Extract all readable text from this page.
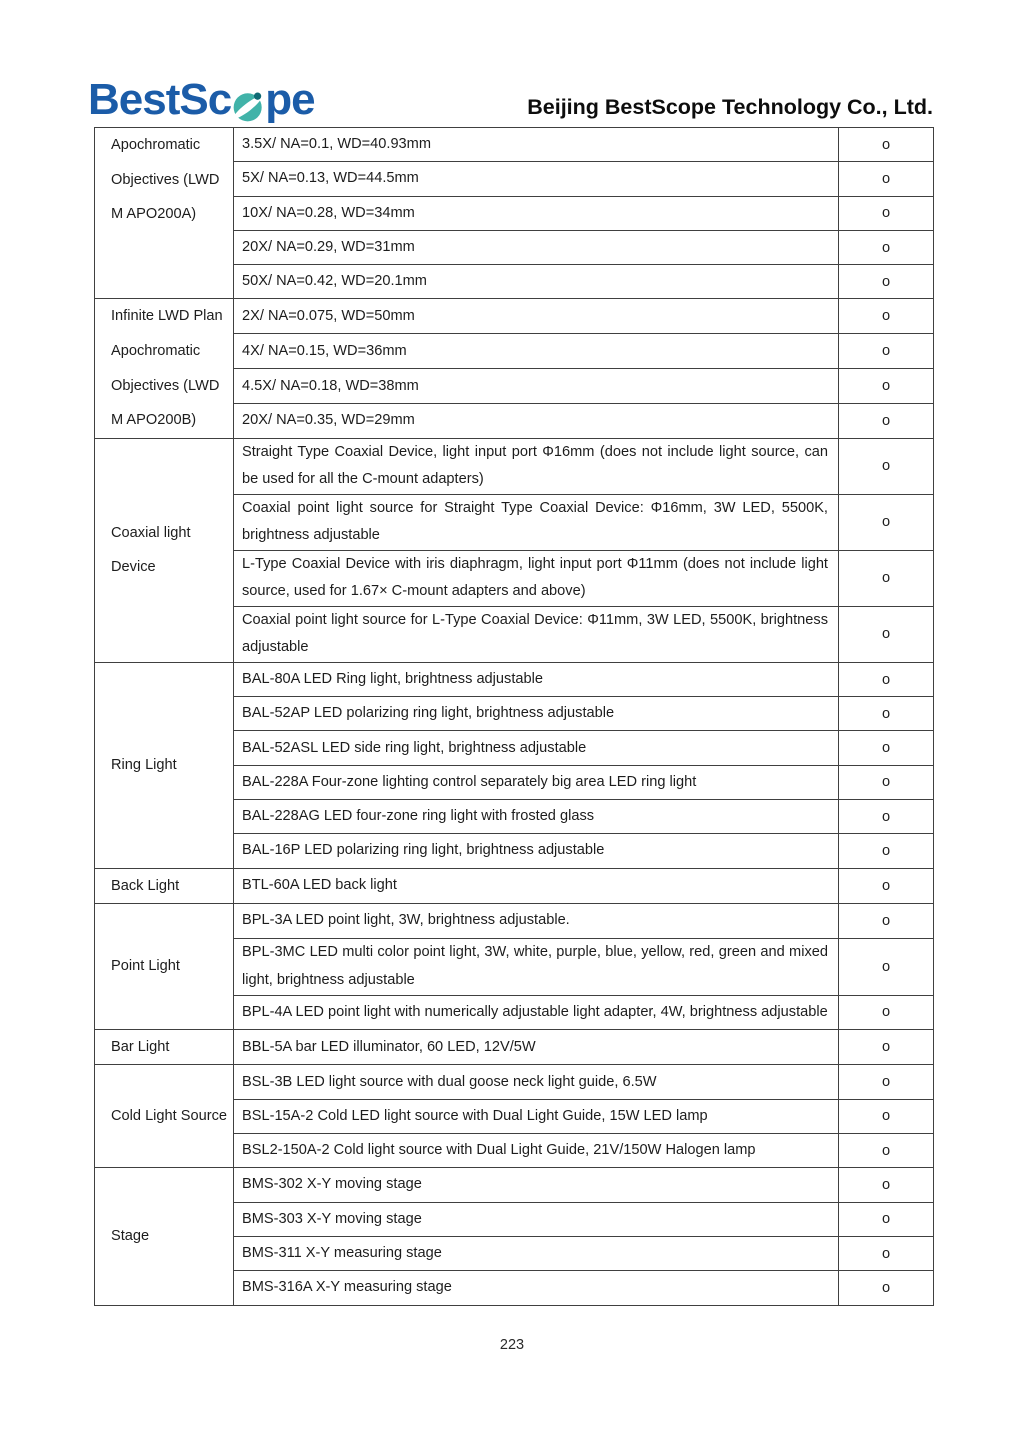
BestSc pe	Beijing BestScope Technology Co., Ltd.
Apochromatic
Objectives (LWD
M APO200A)	3.5X/ NA=0.1, WD=40.93mm	o
	5X/ NA=0.13, WD=44.5mm	o
	10X/ NA=0.28, WD=34mm	o
	20X/ NA=0.29, WD=31mm	o
	50X/ NA=0.42, WD=20.1mm	o

Infinite LWD Plan
Apochromatic
Objectives (LWD
M APO200B)	2X/ NA=0.075, WD=50mm	o
	4X/ NA=0.15, WD=36mm	o
	4.5X/ NA=0.18, WD=38mm	o
	20X/ NA=0.35, WD=29mm	o

Coaxial light
Device	Straight Type Coaxial Device, light input port Φ16mm (does not include light source, can be used for all the C-mount adapters)	o
	Coaxial point light source for Straight Type Coaxial Device: Φ16mm, 3W LED, 5500K, brightness adjustable	o
	L-Type Coaxial Device with iris diaphragm, light input port Φ11mm (does not include light source, used for 1.67× C-mount adapters and above)	o
	Coaxial point light source for L-Type Coaxial Device: Φ11mm, 3W LED, 5500K, brightness adjustable	o

Ring Light	BAL-80A LED Ring light, brightness adjustable	o
	BAL-52AP LED polarizing ring light, brightness adjustable	o
	BAL-52ASL LED side ring light, brightness adjustable	o
	BAL-228A Four-zone lighting control separately big area LED ring light	o
	BAL-228AG LED four-zone ring light with frosted glass	o
	BAL-16P LED polarizing ring light, brightness adjustable	o

Back Light	BTL-60A LED back light	o

Point Light	BPL-3A LED point light, 3W, brightness adjustable.	o
	BPL-3MC LED multi color point light, 3W, white, purple, blue, yellow, red, green and mixed light, brightness adjustable	o
	BPL-4A LED point light with numerically adjustable light adapter, 4W, brightness adjustable	o

Bar Light	BBL-5A bar LED illuminator, 60 LED, 12V/5W	o

Cold Light Source	BSL-3B LED light source with dual goose neck light guide, 6.5W	o
	BSL-15A-2 Cold LED light source with Dual Light Guide, 15W LED lamp	o
	BSL2-150A-2 Cold light source with Dual Light Guide, 21V/150W Halogen lamp	o

Stage	BMS-302 X-Y moving stage	o
	BMS-303 X-Y moving stage	o
	BMS-311 X-Y measuring stage	o
	BMS-316A X-Y measuring stage	o
223
